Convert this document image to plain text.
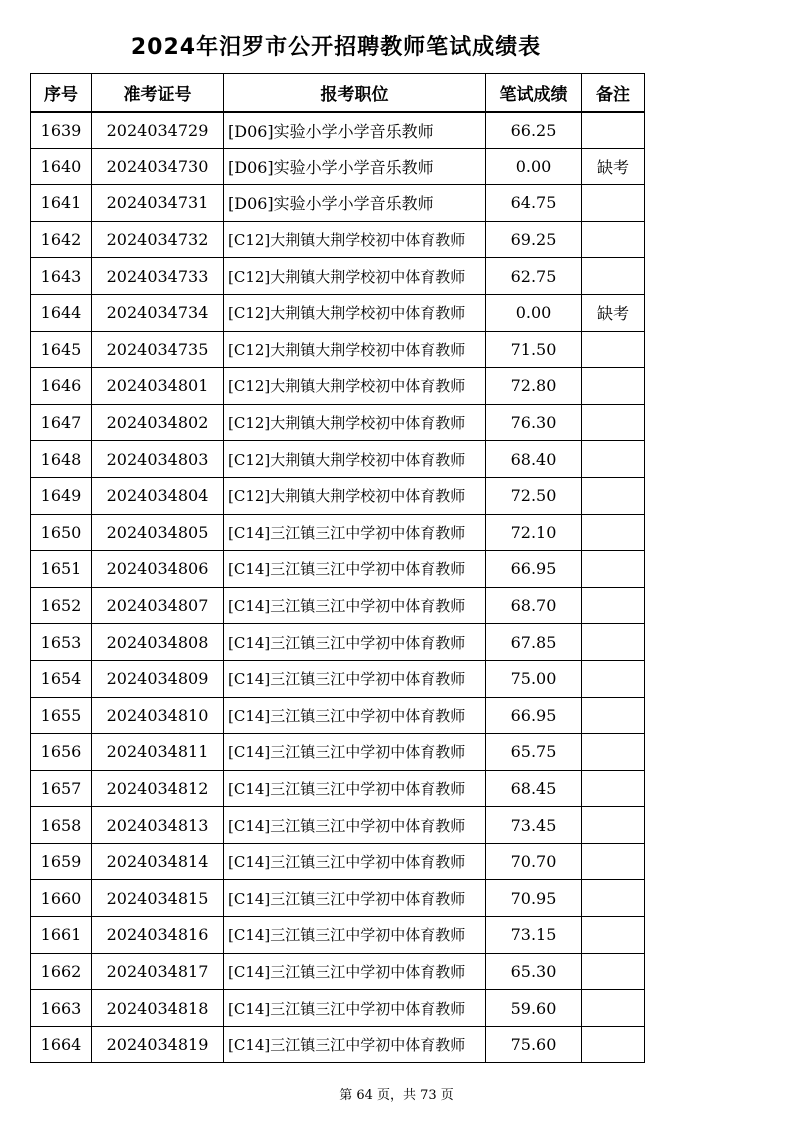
2024年汨罗市公开招聘教师笔试成绩表
序号	准考证号	报考职位	笔试成绩	备注
1639	2024034729	[D06]实验小学小学音乐教师	66.25	
1640	2024034730	[D06]实验小学小学音乐教师	0.00	缺考
1641	2024034731	[D06]实验小学小学音乐教师	64.75	
1642	2024034732	[C12]大荆镇大荆学校初中体育教师	69.25	
1643	2024034733	[C12]大荆镇大荆学校初中体育教师	62.75	
1644	2024034734	[C12]大荆镇大荆学校初中体育教师	0.00	缺考
1645	2024034735	[C12]大荆镇大荆学校初中体育教师	71.50	
1646	2024034801	[C12]大荆镇大荆学校初中体育教师	72.80	
1647	2024034802	[C12]大荆镇大荆学校初中体育教师	76.30	
1648	2024034803	[C12]大荆镇大荆学校初中体育教师	68.40	
1649	2024034804	[C12]大荆镇大荆学校初中体育教师	72.50	
1650	2024034805	[C14]三江镇三江中学初中体育教师	72.10	
1651	2024034806	[C14]三江镇三江中学初中体育教师	66.95	
1652	2024034807	[C14]三江镇三江中学初中体育教师	68.70	
1653	2024034808	[C14]三江镇三江中学初中体育教师	67.85	
1654	2024034809	[C14]三江镇三江中学初中体育教师	75.00	
1655	2024034810	[C14]三江镇三江中学初中体育教师	66.95	
1656	2024034811	[C14]三江镇三江中学初中体育教师	65.75	
1657	2024034812	[C14]三江镇三江中学初中体育教师	68.45	
1658	2024034813	[C14]三江镇三江中学初中体育教师	73.45	
1659	2024034814	[C14]三江镇三江中学初中体育教师	70.70	
1660	2024034815	[C14]三江镇三江中学初中体育教师	70.95	
1661	2024034816	[C14]三江镇三江中学初中体育教师	73.15	
1662	2024034817	[C14]三江镇三江中学初中体育教师	65.30	
1663	2024034818	[C14]三江镇三江中学初中体育教师	59.60	
1664	2024034819	[C14]三江镇三江中学初中体育教师	75.60	
第 64 页，共 73 页
